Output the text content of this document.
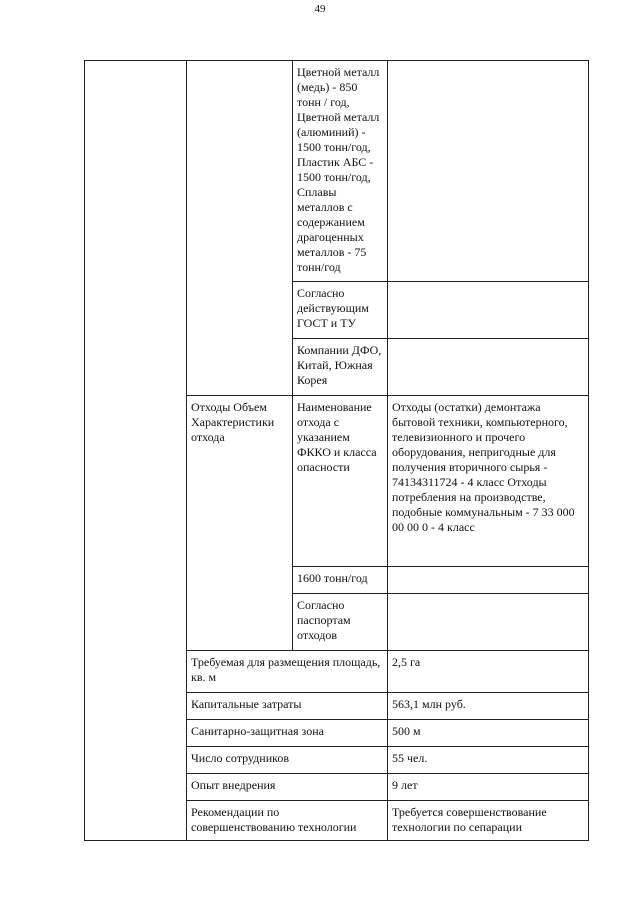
49
		Цветной металл (медь) - 850 тонн / год, Цветной металл (алюминий) - 1500 тонн/год, Пластик АБС - 1500 тонн/год, Сплавы металлов с содержанием драгоценных металлов - 75 тонн/год	
		Согласно действующим ГОСТ и ТУ	
		Компании ДФО, Китай, Южная Корея	
	Отходы Объем Характеристики отхода	Наименование отхода с указанием ФККО и класса опасности	Отходы (остатки) демонтажа бытовой техники, компьютерного, телевизионного и прочего оборудования, непригодные для получения вторичного сырья - 74134311724 - 4 класс Отходы потребления на производстве, подобные коммунальным - 7 33 000 00 00 0 - 4 класс
		1600 тонн/год	
		Согласно паспортам отходов	
	Требуемая для размещения площадь, кв. м		2,5 га
	Капитальные затраты		563,1 млн руб.
	Санитарно-защитная зона		500 м
	Число сотрудников		55 чел.
	Опыт внедрения		9 лет
	Рекомендации по совершенствованию технологии		Требуется совершенствование технологии по сепарации
